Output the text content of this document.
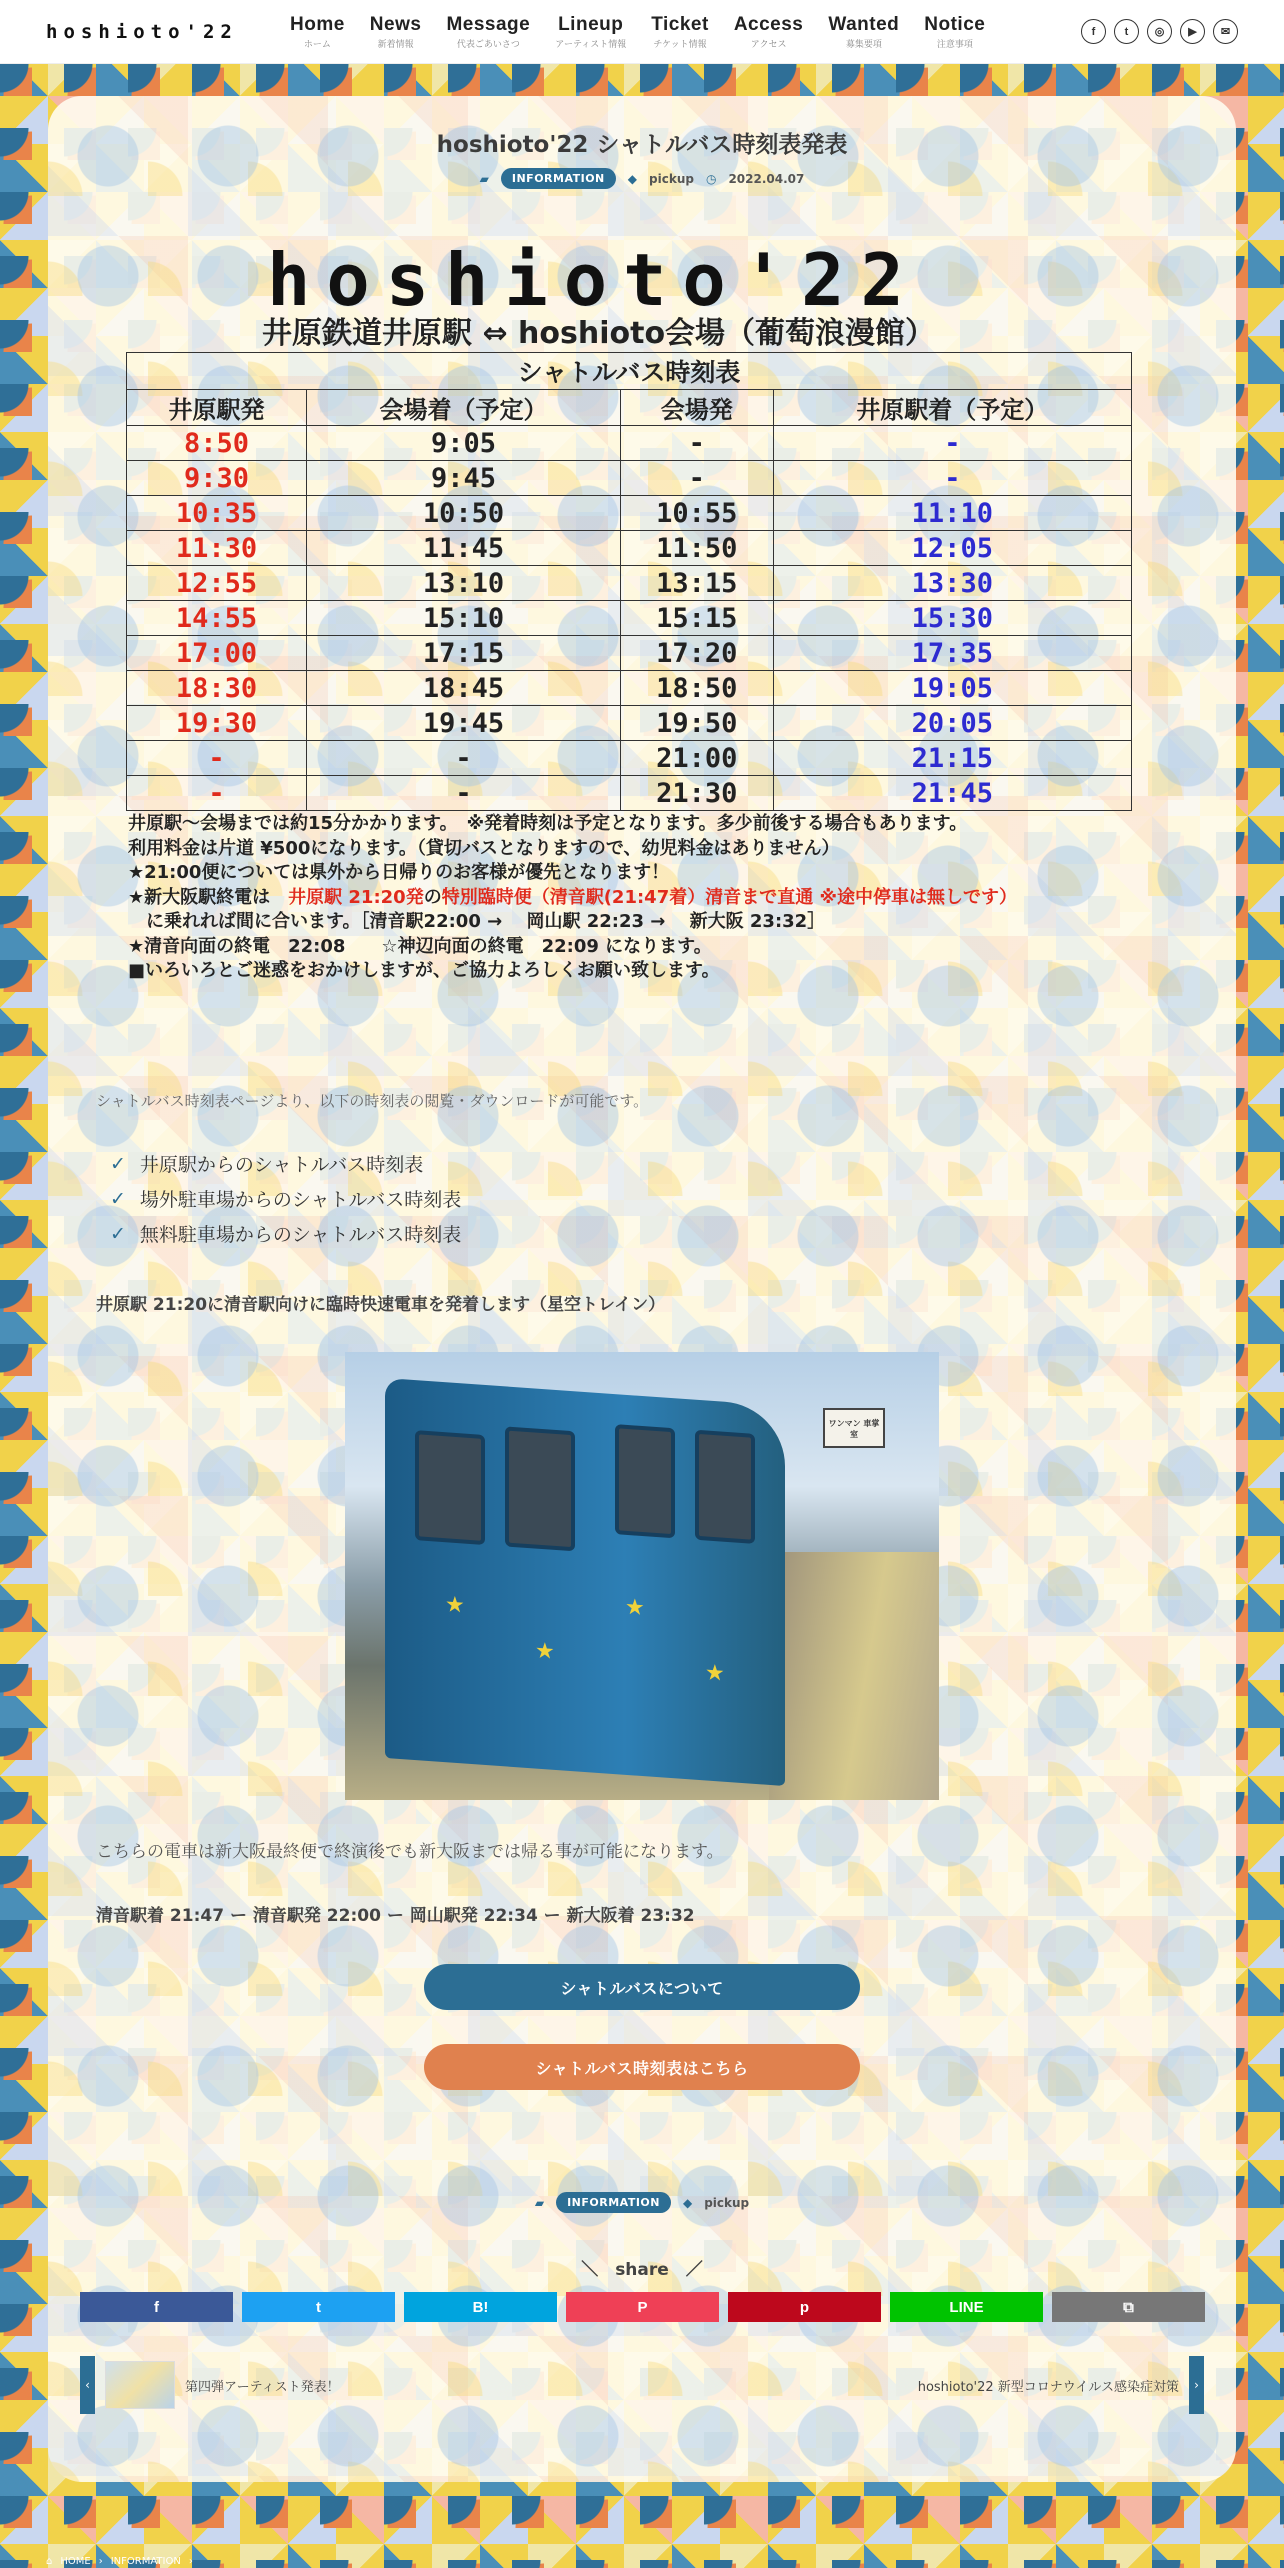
hoshioto'22	Home
ホーム
News
新着情報
Message
代表ごあいさつ
Lineup
アーティスト情報
Ticket
チケット情報
Access
アクセス
Wanted
募集要項
Notice
注意事項
f	t	◎	▶	✉
hoshioto'22 シャトルバス時刻表発表
▰	INFORMATION	◆ pickup ◷ 2022.04.07
hoshioto'22
井原鉄道井原駅 ⇔ hoshioto会場（葡萄浪漫館）
シャトルバス時刻表			
井原駅発	会場着（予定）	会場発	井原駅着（予定）
8:50	9:05	-	-
9:30	9:45	-	-
10:35	10:50	10:55	11:10
11:30	11:45	11:50	12:05
12:55	13:10	13:15	13:30
14:55	15:10	15:15	15:30
17:00	17:15	17:20	17:35
18:30	18:45	18:50	19:05
19:30	19:45	19:50	20:05
-	-	21:00	21:15
-	-	21:30	21:45
井原駅〜会場までは約15分かかります。　※発着時刻は予定となります。多少前後する場合もあります。
利用料金は片道 ¥500になります。（貸切バスとなりますので、幼児料金はありません）
★21:00便については県外から日帰りのお客様が優先となります！
★新大阪駅終電は　井原駅 21:20発の特別臨時便（清音駅(21:47着）清音まで直通 ※途中停車は無しです）
　に乗れれば間に合います。［清音駅22:00 → 　岡山駅 22:23 → 　新大阪 23:32］
★清音向面の終電　22:08　　☆神辺向面の終電　22:09 になります。
■いろいろとご迷惑をおかけしますが、ご協力よろしくお願い致します。

シャトルバス時刻表ページより、以下の時刻表の閲覧・ダウンロードが可能です。

✓ 井原駅からのシャトルバス時刻表
✓ 場外駐車場からのシャトルバス時刻表
✓ 無料駐車場からのシャトルバス時刻表
井原駅 21:20に清音駅向けに臨時快速電車を発着します（星空トレイン）
★
★
★
★
ワンマン 車掌室

こちらの電車は新大阪最終便で終演後でも新大阪までは帰る事が可能になります。

清音駅着 21:47 ー 清音駅発 22:00 ー 岡山駅発 22:34 ー 新大阪着 23:32

シャトルバスについて
シャトルバス時刻表はこちら
▰	INFORMATION	◆ pickup
＼　share　／
f	t	B!	P	p	LINE	⧉
‹	第四弾アーティスト発表！	hoshioto'22 新型コロナウイルス感染症対策	›
⌂ HOME › INFORMATION ›
